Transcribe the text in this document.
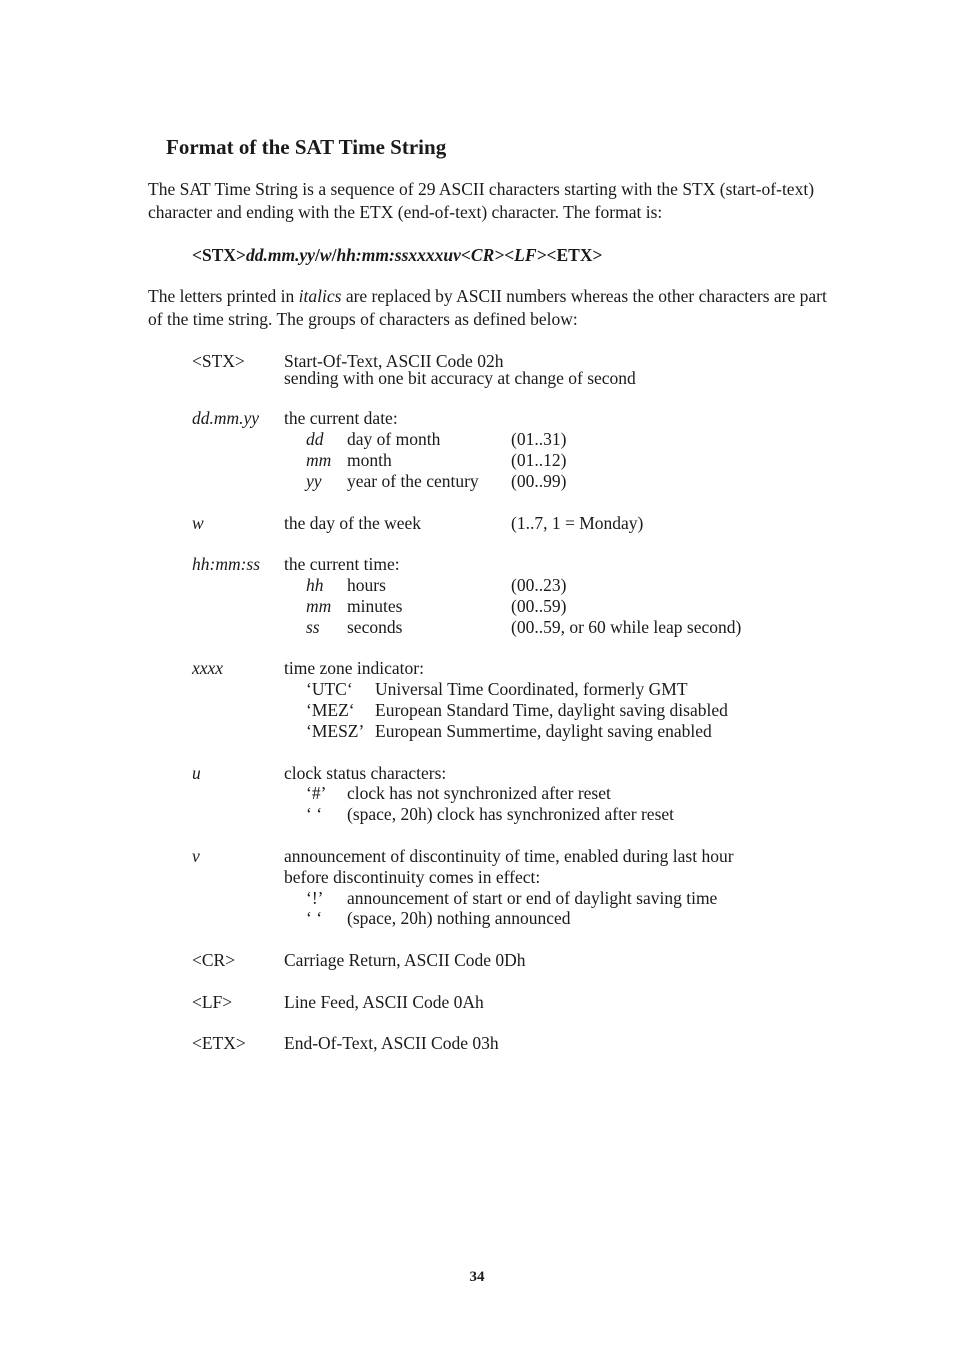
Format of the SAT Time String

The SAT Time String is a sequence of 29 ASCII characters starting with the STX (start-of-text) character and ending with the ETX (end-of-text) character. The format is:

<STX>dd.mm.yy/w/hh:mm:ssxxxxuv<CR><LF><ETX>

The letters printed in italics are replaced by ASCII numbers whereas the other characters are part of the time string. The groups of characters as defined below:

<STX> Start-Of-Text, ASCII Code 02h
sending with one bit accuracy at change of second
dd.mm.yy the current date:
dd day of month	(01..31)
mm month	(01..12)
yy year of the century (00..99)
w	the day of the week	(1..7, 1 = Monday)
hh:mm:ss the current time:
hh hours	(00..23)
mm minutes	(00..59)
ss seconds	(00..59, or 60 while leap second)
xxxx	time zone indicator:
‘UTC‘ Universal Time Coordinated, formerly GMT
‘MEZ‘ European Standard Time, daylight saving disabled
‘MESZ’ European Summertime, daylight saving enabled
u	clock status characters:
‘#’ clock has not synchronized after reset
‘ ‘ (space, 20h) clock has synchronized after reset
v	announcement of discontinuity of time, enabled during last hour
before discontinuity comes in effect:
‘!’ announcement of start or end of daylight saving time
‘ ‘ (space, 20h) nothing announced
<CR>	Carriage Return, ASCII Code 0Dh
<LF>	Line Feed, ASCII Code 0Ah
<ETX> End-Of-Text, ASCII Code 03h
34
